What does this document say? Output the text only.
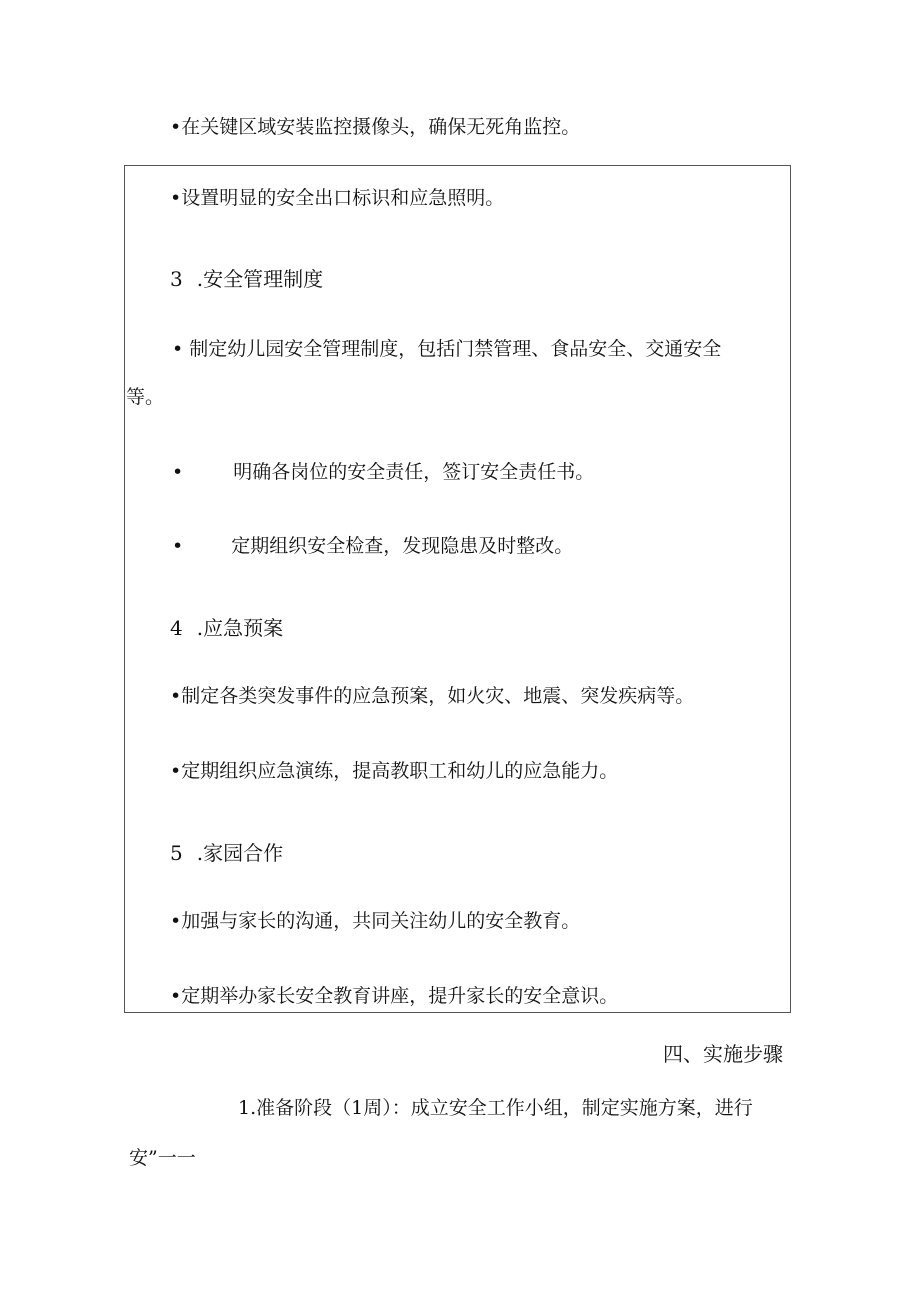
•在关键区域安装监控摄像头，确保无死角监控。
•设置明显的安全出口标识和应急照明。
3 .安全管理制度
• 制定幼儿园安全管理制度，包括门禁管理、食品安全、交通安全
等。
•	明确各岗位的安全责任，签订安全责任书。
•	定期组织安全检查，发现隐患及时整改。
4 .应急预案
•制定各类突发事件的应急预案，如火灾、地震、突发疾病等。
•定期组织应急演练，提高教职工和幼儿的应急能力。
5 .家园合作
•加强与家长的沟通，共同关注幼儿的安全教育。
•定期举办家长安全教育讲座，提升家长的安全意识。
四、实施步骤
1.准备阶段（1周）：成立安全工作小组，制定实施方案，进行
安”一一
